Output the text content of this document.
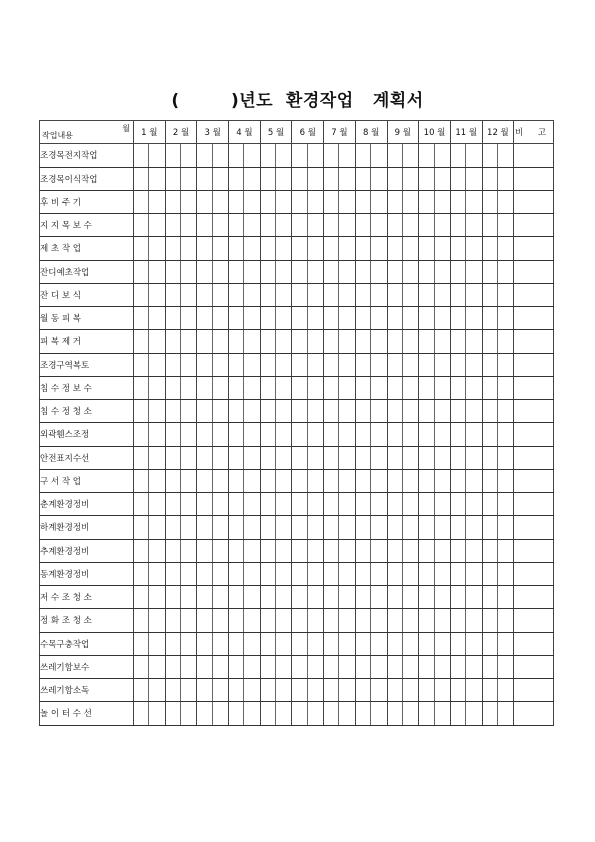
(        )년도  환경작업   계획서
월
작업내용	1 월	2 월	3 월	4 월	5 월	6 월	7 월	8 월	9 월	10 월	11 월	12 월	비 고
조경목전지작업	

조경목이식작업	

후 비 주 기	

지 지 목 보 수	

제 초 작 업	

잔디예초작업	

잔 디 보 식	

월 동 피 복	

피 복 제 거	

조경구역복토	

침 수 정 보 수	

침 수 정 청 소	

외곽휀스조정	

안전표지수선	

구 서 작 업	

춘계환경정비	

하계환경정비	

추계환경정비	

동계환경정비	

저 수 조 청 소	

정 화 조 청 소	

수목구충작업	

쓰레기함보수	

쓰레기함소독	

놀 이 터 수 선	
